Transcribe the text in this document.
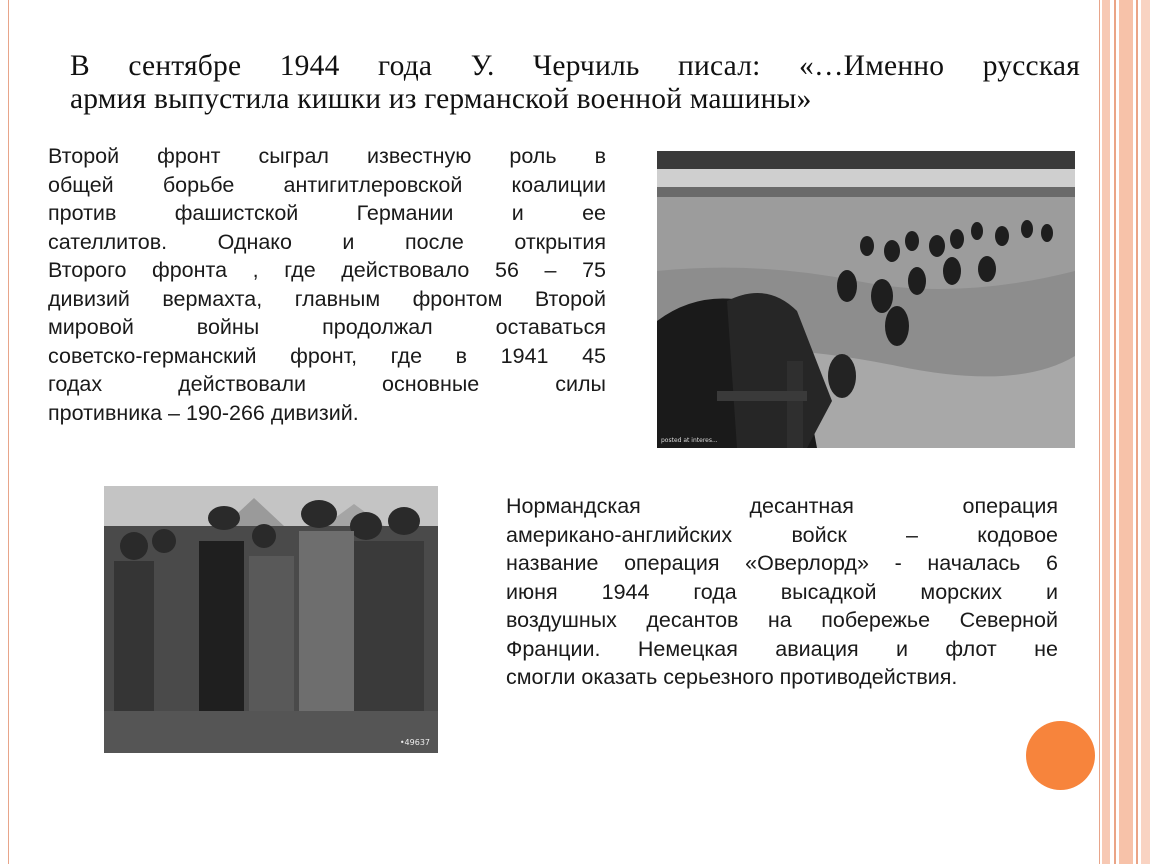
В сентябре 1944 года У. Черчиль писал: «…Именно русская
армия выпустила кишки из германской военной машины»
Второй фронт сыграл известную роль в
общей борьбе антигитлеровской коалиции
против фашистской Германии и ее
сателлитов. Однако и после открытия
Второго фронта , где действовало 56 – 75
дивизий вермахта, главным фронтом Второй
мировой войны продолжал оставаться
советско-германский фронт, где в 1941 45
годах действовали основные силы
противника – 190-266 дивизий.
posted at interes...
•49637
Нормандская десантная операция
американо-английских войск – кодовое
название операция «Оверлорд» - началась 6
июня 1944 года высадкой морских и
воздушных десантов на побережье Северной
Франции. Немецкая авиация и флот не
смогли оказать серьезного противодействия.
